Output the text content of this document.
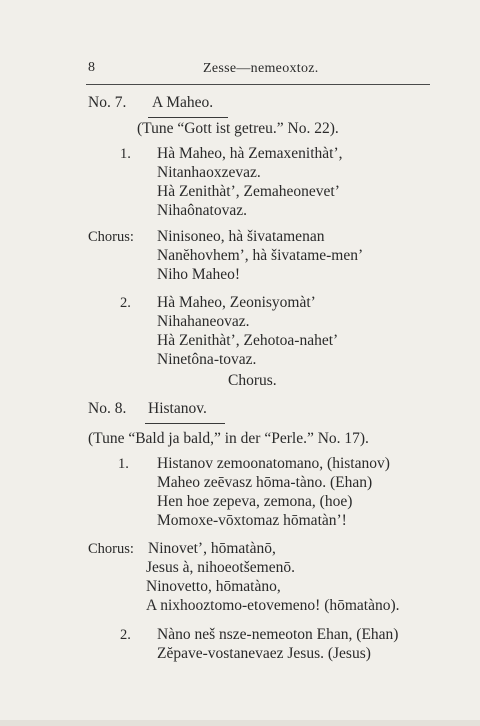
8	Zesse—nemeoxtoz.
No. 7. A Maheo.
(Tune “Gott ist getreu.” No. 22).
1. Hà Maheo, hà Zemaxenithàt’,
Nitanhaoxzevaz.
Hà Zenithàt’, Zemaheonevet’
Nihaônatovaz.
Chorus: Ninisoneo, hà šivatamenan
Nanĕhovhem’, hà šivatame-men’
Niho Maheo!
2. Hà Maheo, Zeonisyomàt’
Nihahaneovaz.
Hà Zenithàt’, Zehotoa-nahet’
Ninetôna-tovaz.
Chorus.
No. 8. Histanov.
(Tune “Bald ja bald,” in der “Perle.” No. 17).
1. Histanov zemoonatomano, (histanov)
Maheo zeēvasz hōma-tàno. (Ehan)
Hen hoe zepeva, zemona, (hoe)
Momoxe-vōxtomaz hōmatàn’!
Chorus: Ninovet’, hōmatànō,
Jesus à, nihoeotšemenō.
Ninovetto, hōmatàno,
A nixhooztomo-etovemeno! (hōmatàno).
2. Nàno neš nsze-nemeoton Ehan, (Ehan)
Zĕpave-vostanevaez Jesus. (Jesus)
